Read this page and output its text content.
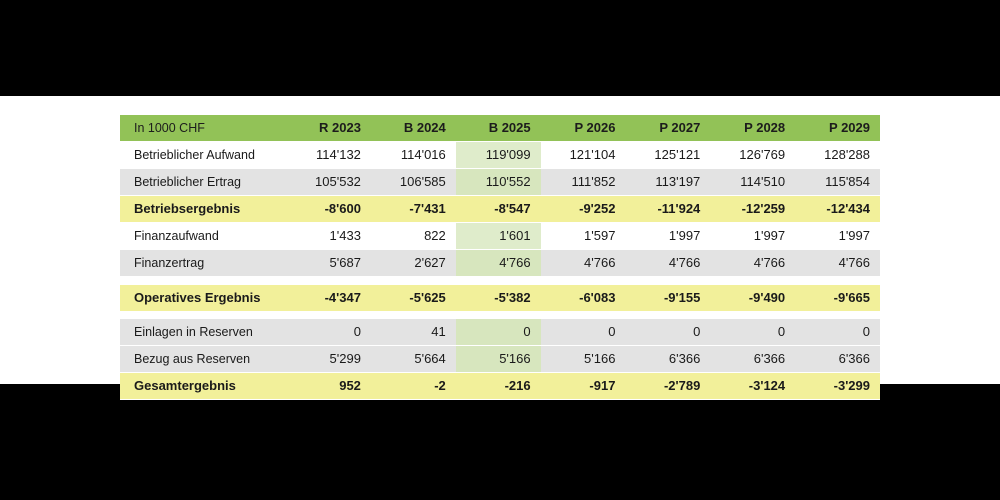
In 1000 CHF	R 2023	B 2024	B 2025	P 2026	P 2027	P 2028	P 2029
Betrieblicher Aufwand	114'132	114'016	119'099	121'104	125'121	126'769	128'288
Betrieblicher Ertrag	105'532	106'585	110'552	111'852	113'197	114'510	115'854
Betriebsergebnis	-8'600	-7'431	-8'547	-9'252	-11'924	-12'259	-12'434
Finanzaufwand	1'433	822	1'601	1'597	1'997	1'997	1'997
Finanzertrag	5'687	2'627	4'766	4'766	4'766	4'766	4'766

Operatives Ergebnis	-4'347	-5'625	-5'382	-6'083	-9'155	-9'490	-9'665

Einlagen in Reserven	0	41	0	0	0	0	0
Bezug aus Reserven	5'299	5'664	5'166	5'166	6'366	6'366	6'366
Gesamtergebnis	952	-2	-216	-917	-2'789	-3'124	-3'299
